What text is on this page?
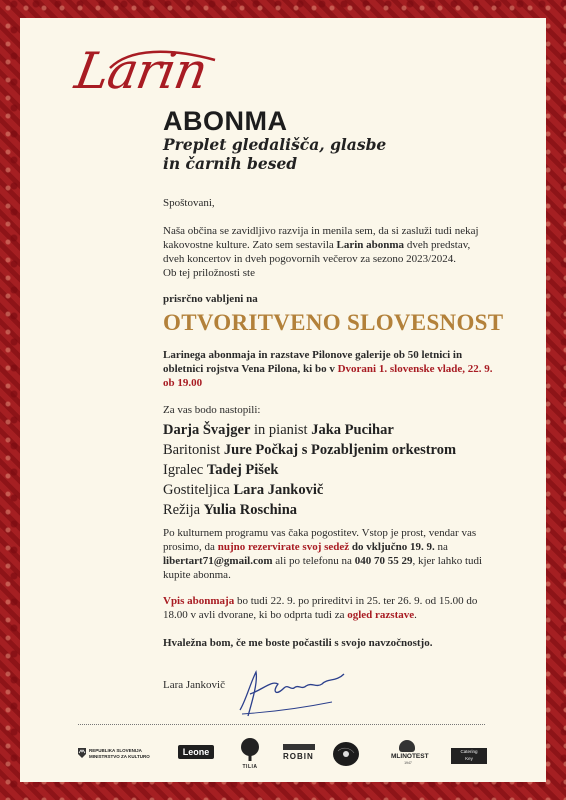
Larin
ABONMA
Preplet gledališča, glasbe
in čarnih besed
Spoštovani,
Naša občina se zavidljivo razvija in menila sem, da si zasluži tudi nekaj kakovostne kulture. Zato sem sestavila Larin abonma dveh predstav, dveh koncertov in dveh pogovornih večerov za sezono 2023/2024.
Ob tej priložnosti ste
prisrčno vabljeni na
OTVORITVENO SLOVESNOST
Larinega abonmaja in razstave Pilonove galerije ob 50 letnici in obletnici rojstva Vena Pilona, ki bo v Dvorani 1. slovenske vlade, 22. 9. ob 19.00
Za vas bodo nastopili:
Darja Švajger in pianist Jaka Pucihar
Baritonist Jure Počkaj s Pozabljenim orkestrom
Igralec Tadej Pišek
Gostiteljica Lara Jankovič
Režija Yulia Roschina
Po kulturnem programu vas čaka pogostitev. Vstop je prost, vendar vas prosimo, da nujno rezervirate svoj sedež do vključno 19. 9. na libertart71@gmail.com ali po telefonu na 040 70 55 29, kjer lahko tudi kupite abonma.
Vpis abonmaja bo tudi 22. 9. po prireditvi in 25. ter 26. 9. od 15.00 do 18.00 v avli dvorane, ki bo odprta tudi za ogled razstave.
Hvaležna bom, če me boste počastili s svojo navzočnostjo.
Lara Jankovič
REPUBLIKA SLOVENIJA
MINISTRSTVO ZA KULTURO	Leone
TILIA
ROBIN	MLINOTEST
1947
Catering
Key
